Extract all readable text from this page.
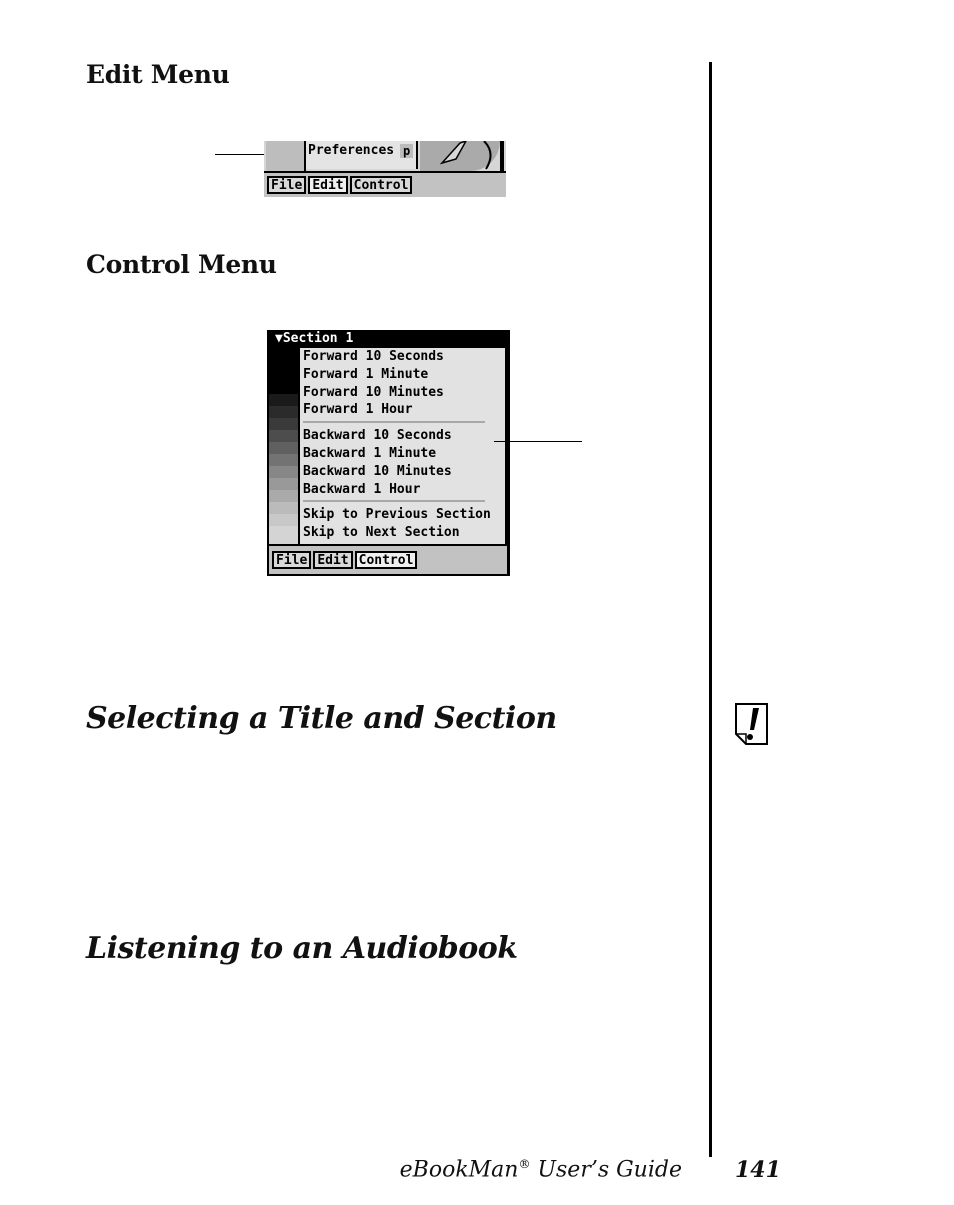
Edit Menu
Control Menu
Selecting a Title and Section
Listening to an Audiobook
Preferences p
File Edit Control
▼Section 1
Forward 10 Seconds
Forward 1 Minute
Forward 10 Minutes
Forward 1 Hour
Backward 10 Seconds
Backward 1 Minute
Backward 10 Minutes
Backward 1 Hour
Skip to Previous Section
Skip to Next Section
File Edit Control
eBookMan® User’s Guide 141
